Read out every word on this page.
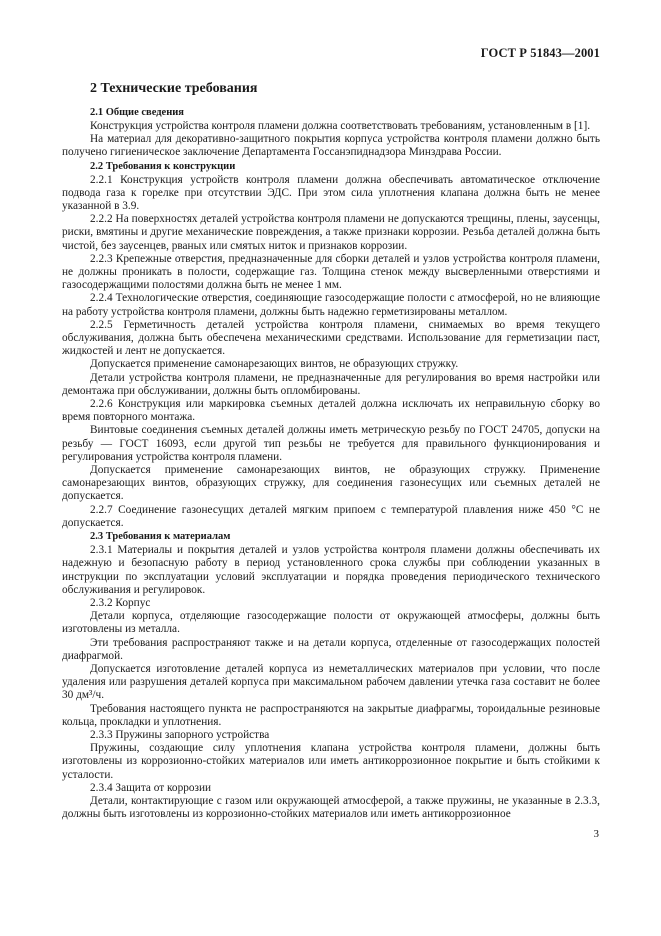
ГОСТ Р 51843—2001
2 Технические требования

2.1 Общие сведения

Конструкция устройства контроля пламени должна соответствовать требованиям, установленным в [1].

На материал для декоративно-защитного покрытия корпуса устройства контроля пламени должно быть получено гигиеническое заключение Департамента Госсанэпиднадзора Минздрава России.

2.2 Требования к конструкции

2.2.1 Конструкция устройств контроля пламени должна обеспечивать автоматическое отключение подвода газа к горелке при отсутствии ЭДС. При этом сила уплотнения клапана должна быть не менее указанной в 3.9.

2.2.2 На поверхностях деталей устройства контроля пламени не допускаются трещины, плены, заусенцы, риски, вмятины и другие механические повреждения, а также признаки коррозии. Резьба деталей должна быть чистой, без заусенцев, рваных или смятых ниток и признаков коррозии.

2.2.3 Крепежные отверстия, предназначенные для сборки деталей и узлов устройства контроля пламени, не должны проникать в полости, содержащие газ. Толщина стенок между высверленными отверстиями и газосодержащими полостями должна быть не менее 1 мм.

2.2.4 Технологические отверстия, соединяющие газосодержащие полости с атмосферой, но не влияющие на работу устройства контроля пламени, должны быть надежно герметизированы металлом.

2.2.5 Герметичность деталей устройства контроля пламени, снимаемых во время текущего обслуживания, должна быть обеспечена механическими средствами. Использование для герметизации паст, жидкостей и лент не допускается.

Допускается применение самонарезающих винтов, не образующих стружку.

Детали устройства контроля пламени, не предназначенные для регулирования во время настройки или демонтажа при обслуживании, должны быть опломбированы.

2.2.6 Конструкция или маркировка съемных деталей должна исключать их неправильную сборку во время повторного монтажа.

Винтовые соединения съемных деталей должны иметь метрическую резьбу по ГОСТ 24705, допуски на резьбу — ГОСТ 16093, если другой тип резьбы не требуется для правильного функционирования и регулирования устройства контроля пламени.

Допускается применение самонарезающих винтов, не образующих стружку. Применение самонарезающих винтов, образующих стружку, для соединения газонесущих или съемных деталей не допускается.

2.2.7 Соединение газонесущих деталей мягким припоем с температурой плавления ниже 450 °С не допускается.

2.3 Требования к материалам

2.3.1 Материалы и покрытия деталей и узлов устройства контроля пламени должны обеспечивать их надежную и безопасную работу в период установленного срока службы при соблюдении указанных в инструкции по эксплуатации условий эксплуатации и порядка проведения периодического технического обслуживания и регулировок.

2.3.2 Корпус

Детали корпуса, отделяющие газосодержащие полости от окружающей атмосферы, должны быть изготовлены из металла.

Эти требования распространяют также и на детали корпуса, отделенные от газосодержащих полостей диафрагмой.

Допускается изготовление деталей корпуса из неметаллических материалов при условии, что после удаления или разрушения деталей корпуса при максимальном рабочем давлении утечка газа составит не более 30 дм³/ч.

Требования настоящего пункта не распространяются на закрытые диафрагмы, тороидальные резиновые кольца, прокладки и уплотнения.

2.3.3 Пружины запорного устройства

Пружины, создающие силу уплотнения клапана устройства контроля пламени, должны быть изготовлены из коррозионно-стойких материалов или иметь антикоррозионное покрытие и быть стойкими к усталости.

2.3.4 Защита от коррозии

Детали, контактирующие с газом или окружающей атмосферой, а также пружины, не указанные в 2.3.3, должны быть изготовлены из коррозионно-стойких материалов или иметь антикоррозионное

3
